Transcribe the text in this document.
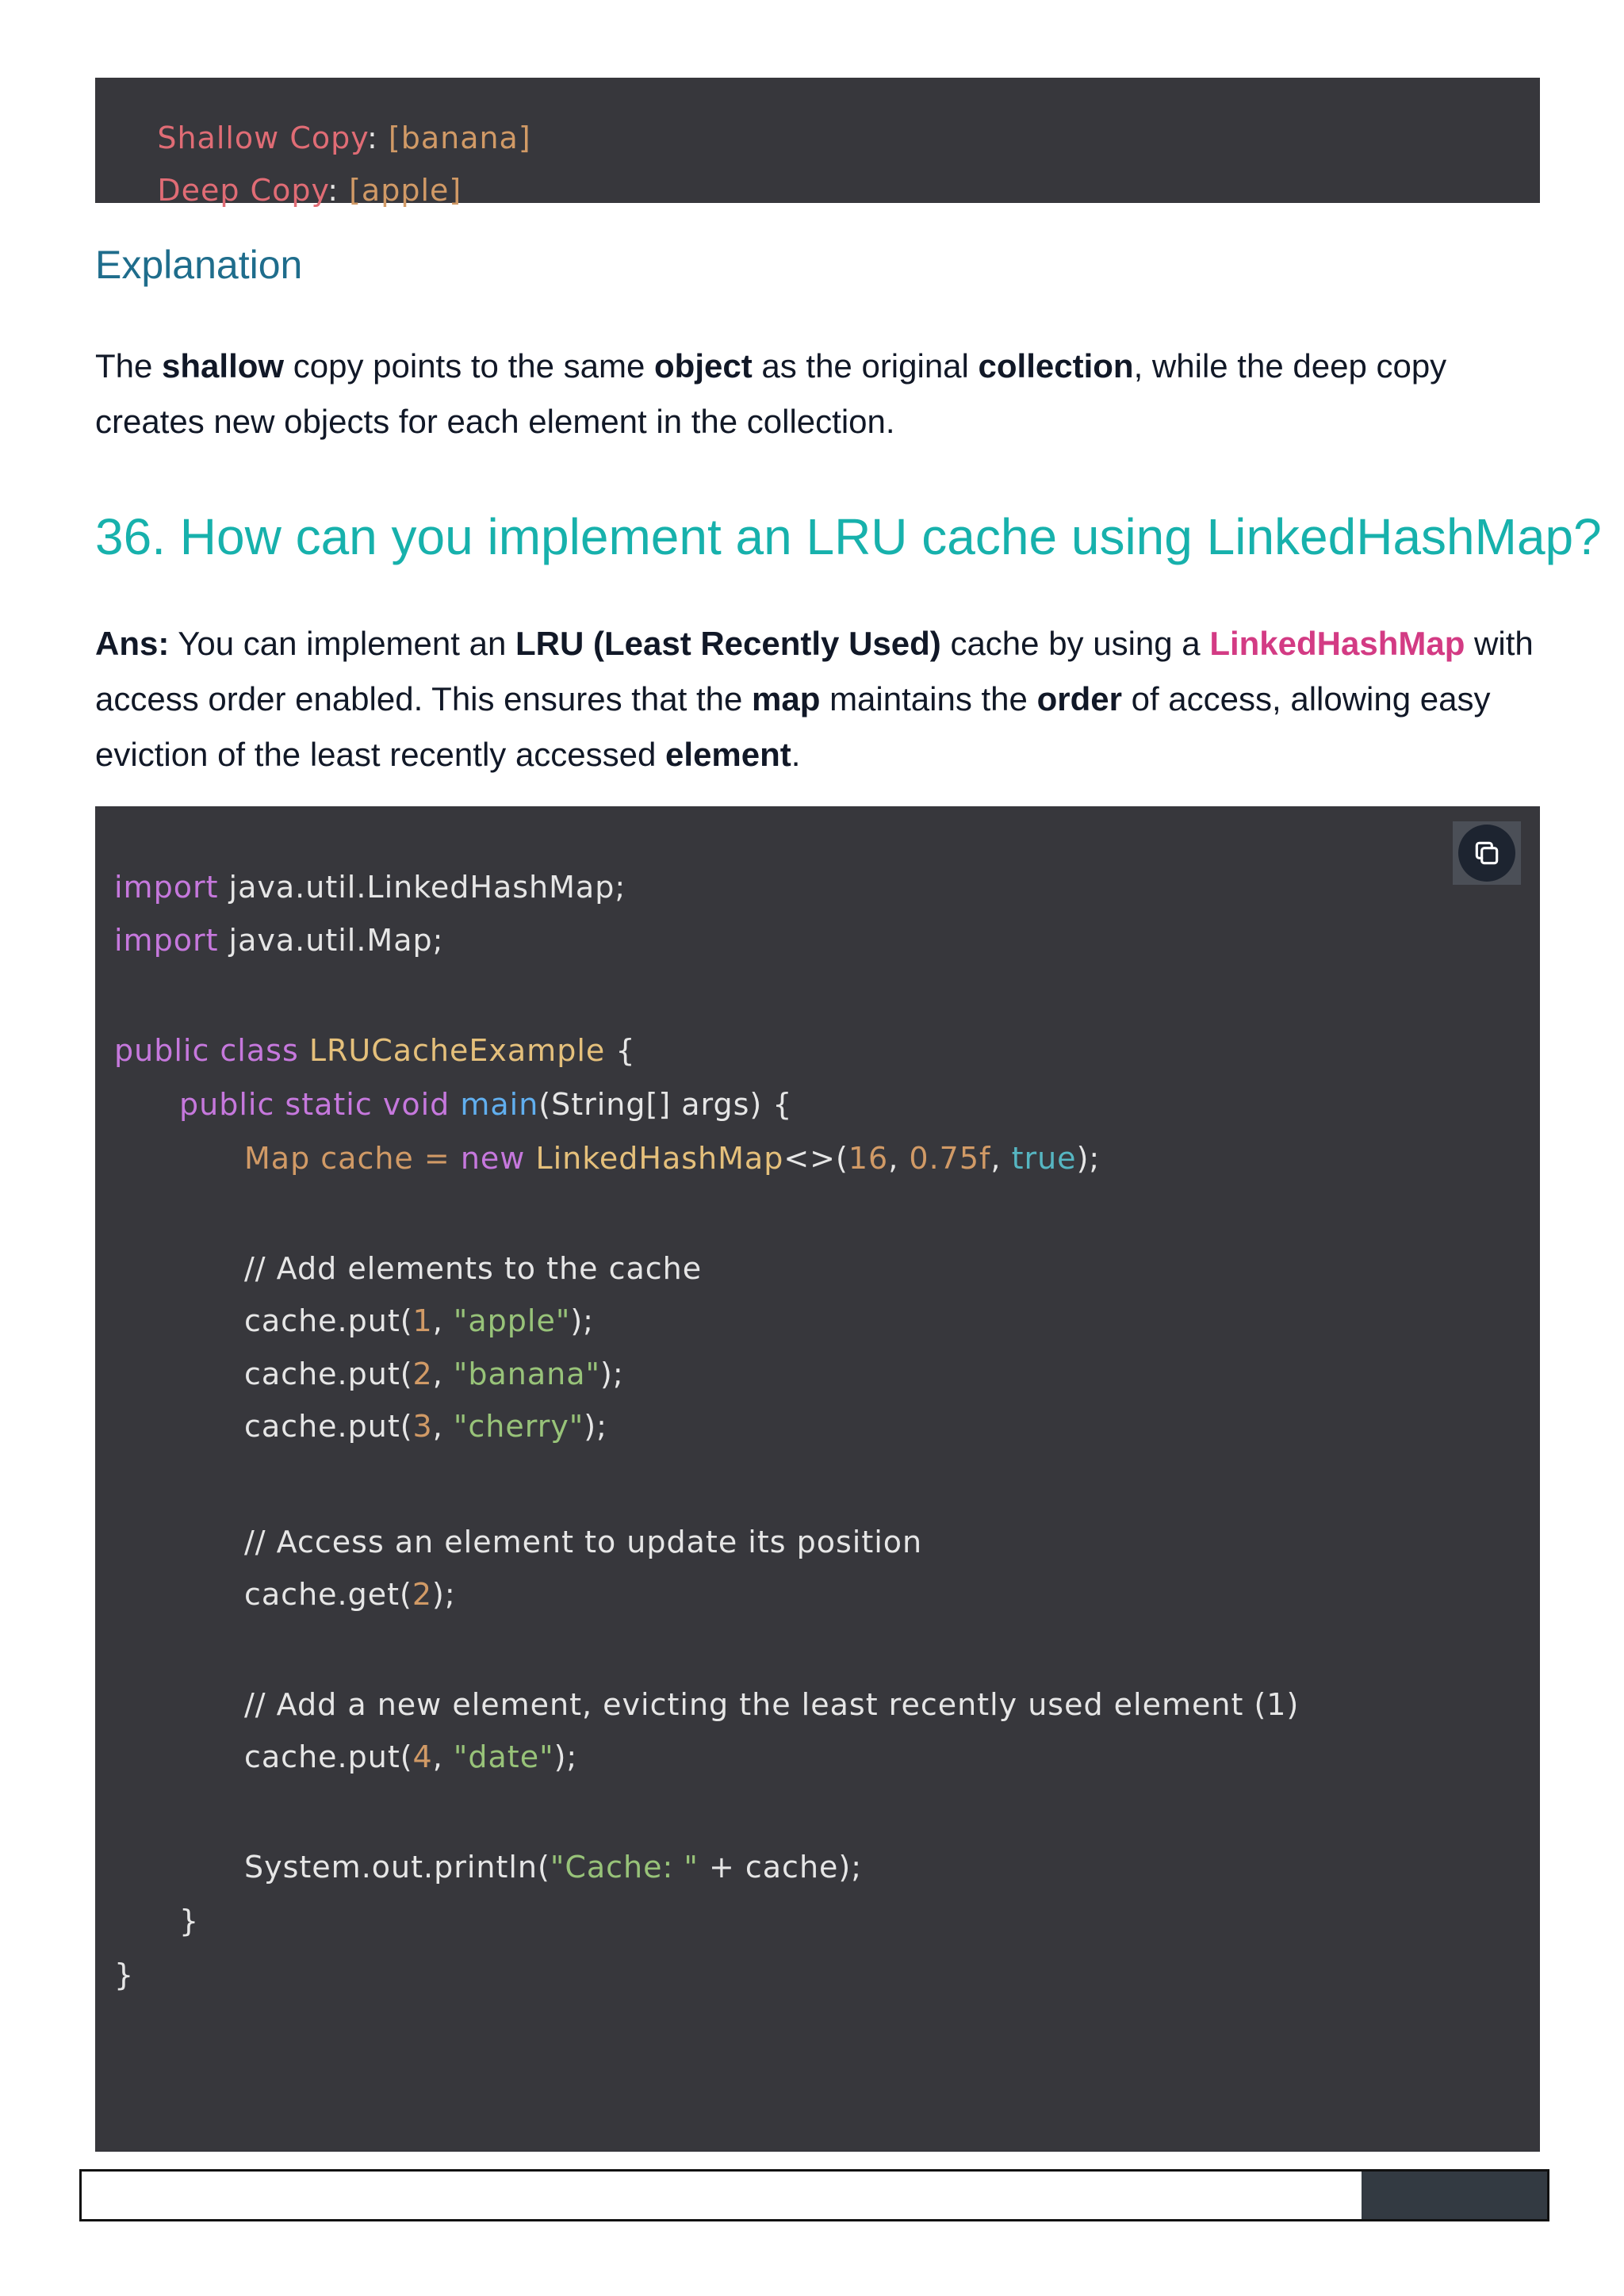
Shallow Copy: [banana]

Deep Copy: [apple]

Explanation

The shallow copy points to the same object as the original collection, while the deep copy creates new objects for each element in the collection.

36. How can you implement an LRU cache using LinkedHashMap?

Ans: You can implement an LRU (Least Recently Used) cache by using a LinkedHashMap with access order enabled. This ensures that the map maintains the order of access, allowing easy eviction of the least recently accessed element.

import java.util.LinkedHashMap;
import java.util.Map;
public class LRUCacheExample {
public static void main(String[] args) {
Map cache = new LinkedHashMap<>(16, 0.75f, true);
// Add elements to the cache
cache.put(1, "apple");
cache.put(2, "banana");
cache.put(3, "cherry");
// Access an element to update its position
cache.get(2);
// Add a new element, evicting the least recently used element (1)
cache.put(4, "date");
System.out.println("Cache: " + cache);
}
}
